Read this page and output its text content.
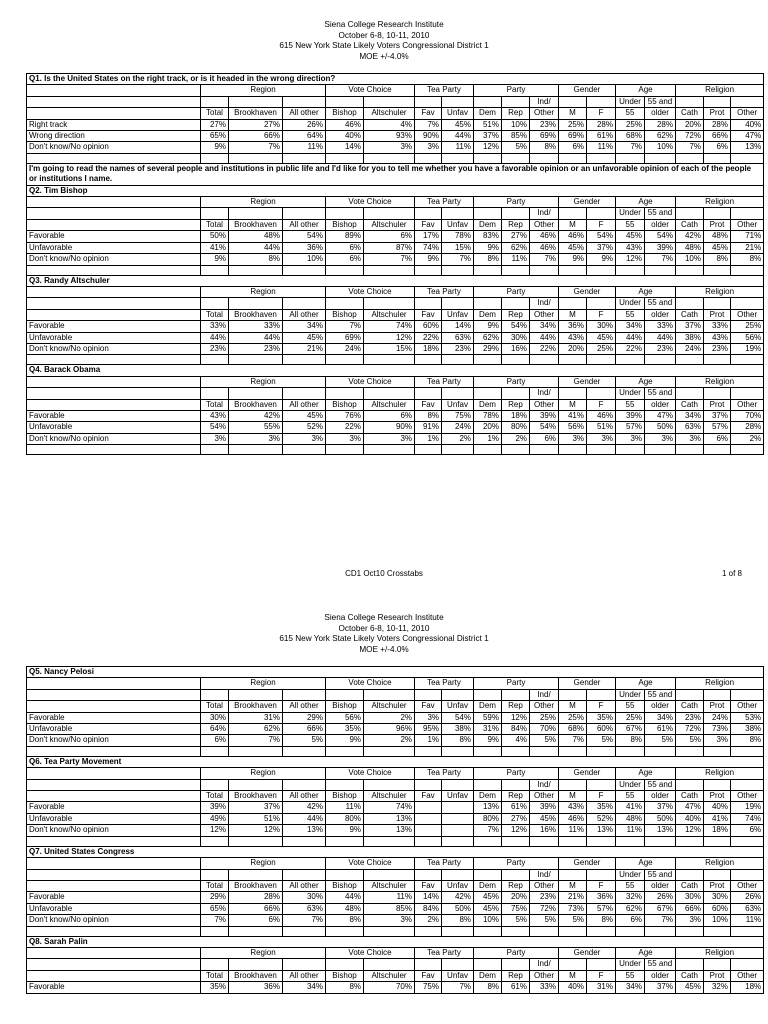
Siena College Research Institute
October 6-8, 10-11, 2010
615 New York State Likely Voters Congressional District 1
MOE +/-4.0%
Q1. Is the United States on the right track, or is it headed in the wrong direction?																	
	Region			Vote Choice		Tea Party		Party			Gender		Age		Religion		
										Ind/			Under	55 and			
	Total	Brookhaven	All other	Bishop	Altschuler	Fav	Unfav	Dem	Rep	Other	M	F	55	older	Cath	Prot	Other
Right track	27%	27%	26%	46%	4%	7%	45%	51%	10%	23%	25%	28%	25%	28%	20%	28%	40%
Wrong direction	65%	66%	64%	40%	93%	90%	44%	37%	85%	69%	69%	61%	68%	62%	72%	66%	47%
Don't know/No opinion	9%	7%	11%	14%	3%	3%	11%	12%	5%	8%	6%	11%	7%	10%	7%	6%	13%

I'm going to read the names of several people and institutions in public life and I'd like for you to tell me whether you have a favorable opinion or an unfavorable opinion of each of the people or institutions I name.																	
Q2. Tim Bishop																	
	Region			Vote Choice		Tea Party		Party			Gender		Age		Religion		
										Ind/			Under	55 and			
	Total	Brookhaven	All other	Bishop	Altschuler	Fav	Unfav	Dem	Rep	Other	M	F	55	older	Cath	Prot	Other
Favorable	50%	48%	54%	89%	6%	17%	78%	83%	27%	46%	46%	54%	45%	54%	42%	48%	71%
Unfavorable	41%	44%	36%	6%	87%	74%	15%	9%	62%	46%	45%	37%	43%	39%	48%	45%	21%
Don't know/No opinion	9%	8%	10%	6%	7%	9%	7%	8%	11%	7%	9%	9%	12%	7%	10%	8%	8%

Q3. Randy Altschuler																	
	Region			Vote Choice		Tea Party		Party			Gender		Age		Religion		
										Ind/			Under	55 and			
	Total	Brookhaven	All other	Bishop	Altschuler	Fav	Unfav	Dem	Rep	Other	M	F	55	older	Cath	Prot	Other
Favorable	33%	33%	34%	7%	74%	60%	14%	9%	54%	34%	36%	30%	34%	33%	37%	33%	25%
Unfavorable	44%	44%	45%	69%	12%	22%	63%	62%	30%	44%	43%	45%	44%	44%	38%	43%	56%
Don't know/No opinion	23%	23%	21%	24%	15%	18%	23%	29%	16%	22%	20%	25%	22%	23%	24%	23%	19%

Q4. Barack Obama																	
	Region			Vote Choice		Tea Party		Party			Gender		Age		Religion		
										Ind/			Under	55 and			
	Total	Brookhaven	All other	Bishop	Altschuler	Fav	Unfav	Dem	Rep	Other	M	F	55	older	Cath	Prot	Other
Favorable	43%	42%	45%	76%	6%	8%	75%	78%	18%	39%	41%	46%	39%	47%	34%	37%	70%
Unfavorable	54%	55%	52%	22%	90%	91%	24%	20%	80%	54%	56%	51%	57%	50%	63%	57%	28%
Don't know/No opinion	3%	3%	3%	3%	3%	1%	2%	1%	2%	6%	3%	3%	3%	3%	3%	6%	2%

CD1 Oct10 Crosstabs	1 of 8
Siena College Research Institute
October 6-8, 10-11, 2010
615 New York State Likely Voters Congressional District 1
MOE +/-4.0%
Q5. Nancy Pelosi																	
	Region			Vote Choice		Tea Party		Party			Gender		Age		Religion		
										Ind/			Under	55 and			
	Total	Brookhaven	All other	Bishop	Altschuler	Fav	Unfav	Dem	Rep	Other	M	F	55	older	Cath	Prot	Other
Favorable	30%	31%	29%	56%	2%	3%	54%	59%	12%	25%	25%	35%	25%	34%	23%	24%	53%
Unfavorable	64%	62%	66%	35%	96%	95%	38%	31%	84%	70%	68%	60%	67%	61%	72%	73%	38%
Don't know/No opinion	6%	7%	5%	9%	2%	1%	8%	9%	4%	5%	7%	5%	8%	5%	5%	3%	8%

Q6. Tea Party Movement																	
	Region			Vote Choice		Tea Party		Party			Gender		Age		Religion		
										Ind/			Under	55 and			
	Total	Brookhaven	All other	Bishop	Altschuler	Fav	Unfav	Dem	Rep	Other	M	F	55	older	Cath	Prot	Other
Favorable	39%	37%	42%	11%	74%			13%	61%	39%	43%	35%	41%	37%	47%	40%	19%
Unfavorable	49%	51%	44%	80%	13%			80%	27%	45%	46%	52%	48%	50%	40%	41%	74%
Don't know/No opinion	12%	12%	13%	9%	13%			7%	12%	16%	11%	13%	11%	13%	12%	18%	6%

Q7. United States Congress																	
	Region			Vote Choice		Tea Party		Party			Gender		Age		Religion		
										Ind/			Under	55 and			
	Total	Brookhaven	All other	Bishop	Altschuler	Fav	Unfav	Dem	Rep	Other	M	F	55	older	Cath	Prot	Other
Favorable	29%	28%	30%	44%	11%	14%	42%	45%	20%	23%	21%	36%	32%	26%	30%	30%	26%
Unfavorable	65%	66%	63%	48%	85%	84%	50%	45%	75%	72%	73%	57%	62%	67%	66%	60%	63%
Don't know/No opinion	7%	6%	7%	8%	3%	2%	8%	10%	5%	5%	5%	8%	6%	7%	3%	10%	11%

Q8. Sarah Palin																	
	Region			Vote Choice		Tea Party		Party			Gender		Age		Religion		
										Ind/			Under	55 and			
	Total	Brookhaven	All other	Bishop	Altschuler	Fav	Unfav	Dem	Rep	Other	M	F	55	older	Cath	Prot	Other
Favorable	35%	36%	34%	8%	70%	75%	7%	8%	61%	33%	40%	31%	34%	37%	45%	32%	18%
